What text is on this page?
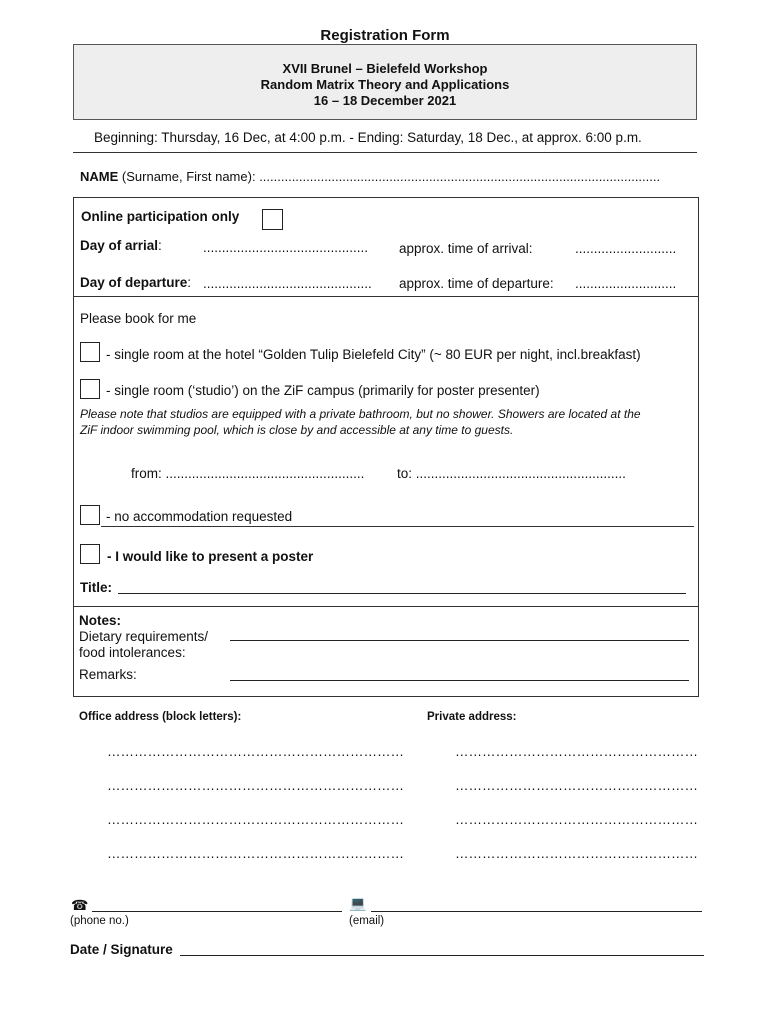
Registration Form
XVII Brunel – Bielefeld Workshop
Random Matrix Theory and Applications
16 – 18 December 2021
Beginning: Thursday, 16 Dec, at 4:00 p.m. - Ending: Saturday, 18 Dec., at approx. 6:00 p.m.
NAME (Surname, First name): ...............................................................................................................
Online participation only
Day of arrial:	............................................ approx. time of arrival:	...........................
Day of departure: ............................................. approx. time of departure: ...........................
Please book for me
- single room at the hotel “Golden Tulip Bielefeld City” (~ 80 EUR per night, incl.breakfast)
- single room (‘studio’) on the ZiF campus (primarily for poster presenter)
Please note that studios are equipped with a private bathroom, but no shower. Showers are located at the
ZiF indoor swimming pool, which is close by and accessible at any time to guests.
from: ..................................................... to: ........................................................
- no accommodation requested
- I would like to present a poster
Title:
Notes:
Dietary requirements/
food intolerances:
Remarks:
Office address (block letters):	Private address:
…………………………………………………………
…………………………………………………………
…………………………………………………………
…………………………………………………………
………………………………………………
………………………………………………
………………………………………………
………………………………………………
☎
(phone no.)
💻
(email)
Date / Signature
